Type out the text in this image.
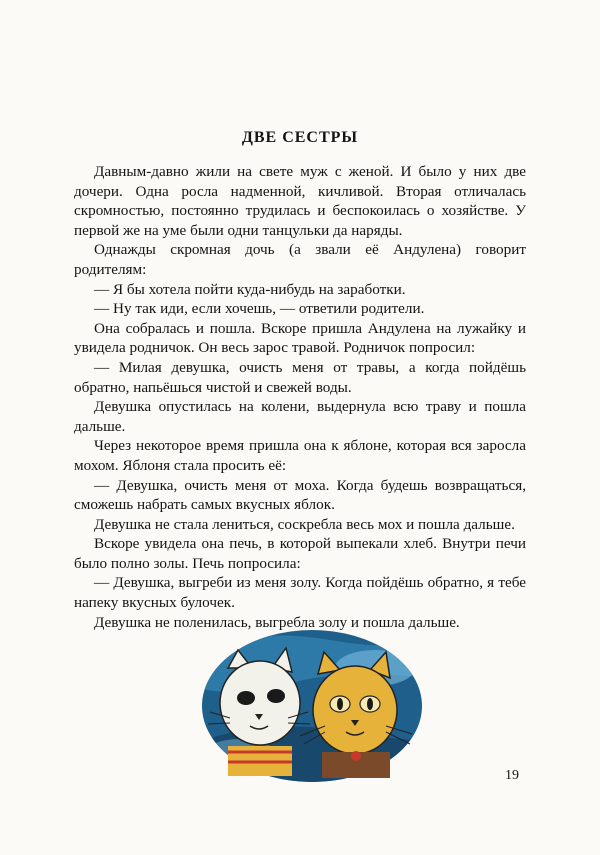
ДВЕ СЕСТРЫ

Давным-давно жили на свете муж с женой. И было у них две дочери. Одна росла надменной, кичливой. Вторая отличалась скромностью, постоянно трудилась и беспокоилась о хозяйстве. У первой же на уме были одни танцульки да наряды.

Однажды скромная дочь (а звали её Андулена) говорит родителям:

— Я бы хотела пойти куда-нибудь на заработки.

— Ну так иди, если хочешь, — ответили родители.

Она собралась и пошла. Вскоре пришла Андулена на лужайку и увидела родничок. Он весь зарос травой. Родничок попросил:

— Милая девушка, очисть меня от травы, а когда пойдёшь обратно, напьёшься чистой и свежей воды.

Девушка опустилась на колени, выдернула всю траву и пошла дальше.

Через некоторое время пришла она к яблоне, которая вся заросла мохом. Яблоня стала просить её:

— Девушка, очисть меня от моха. Когда будешь возвращаться, сможешь набрать самых вкусных яблок.

Девушка не стала лениться, соскребла весь мох и пошла дальше.

Вскоре увидела она печь, в которой выпекали хлеб. Внутри печи было полно золы. Печь попросила:

— Девушка, выгреби из меня золу. Когда пойдёшь обратно, я тебе напеку вкусных булочек.

Девушка не поленилась, выгребла золу и пошла дальше.

19
